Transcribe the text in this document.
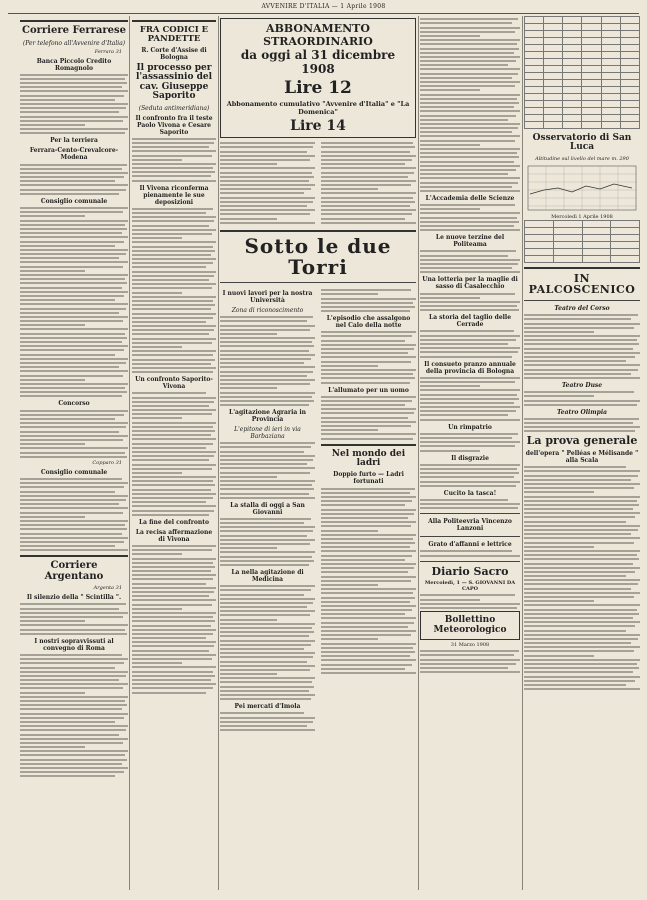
AVVENIRE D'ITALIA — 1 Aprile 1908
Corriere Ferrarese
(Per telefono all'Avvenire d'Italia)
Ferrara 31
Banca Piccolo Credito Romagnolo
Per la terriera
Ferrara-Cento-Crevalcore-Modena
Consiglio comunale
Concorso
Copparo 31
Consiglio comunale
Corriere Argentano
Argenta 31
Il silenzio della " Scintilla ".
I nostri sopravvissuti al convegno di Roma
FRA CODICI E PANDETTE
R. Corte d'Assise di Bologna
Il processo per l'assassinio del cav. Giuseppe Saporito
(Seduta antimeridiana)
Il confronto fra il teste Paolo Vivona e Cesare Saporito
Il Vivona riconferma pienamente le sue deposizioni
Un confronto Saporito-Vivona
La fine del confronto
La recisa affermazione di Vivona
ABBONAMENTO STRAORDINARIO
da oggi al 31 dicembre 1908
Lire 12
Abbonamento cumulativo "Avvenire d'Italia" e "La Domenica"
Lire 14
Sotto le due Torri
I nuovi lavori per la nostra Università
Zona di riconoscimento
L'agitazione Agraria in Provincia
L'epitone di ieri in via Barbaziana
La stalla di oggi a San Giovanni
La nella agitazione di Medicina
Pei mercati d'Imola
L'episodio che assalgono nel Calo della notte
L'allumato per un uomo
Nel mondo dei ladri
Doppio furto — Ladri fortunati
L'Accademia delle Scienze
Le nuove terzine del Politeama
Una lotteria per la maglie di sasso di Casalecchio
La storia del taglio delle Cerrade
Il consueto pranzo annuale della provincia di Bologna
Un rimpatrio
Il disgrazie
Cucito la tasca!
Alla Politeevria Vincenzo Lanzoni
Grato d'affanni e lettrice
Diario Sacro
Mercoledì, 1 — S. GIOVANNI DA CAPO
Bollettino Meteorologico
31 Marzo 1908

Osservatorio di San Luca
Altitudine sul livello del mare m. 290
Mercoledì 1 Aprile 1908

IN PALCOSCENICO
Teatro del Corso
Teatro Duse
Teatro Olimpia
La prova generale
dell'opera " Pelléas e Mélisande " alla Scala
